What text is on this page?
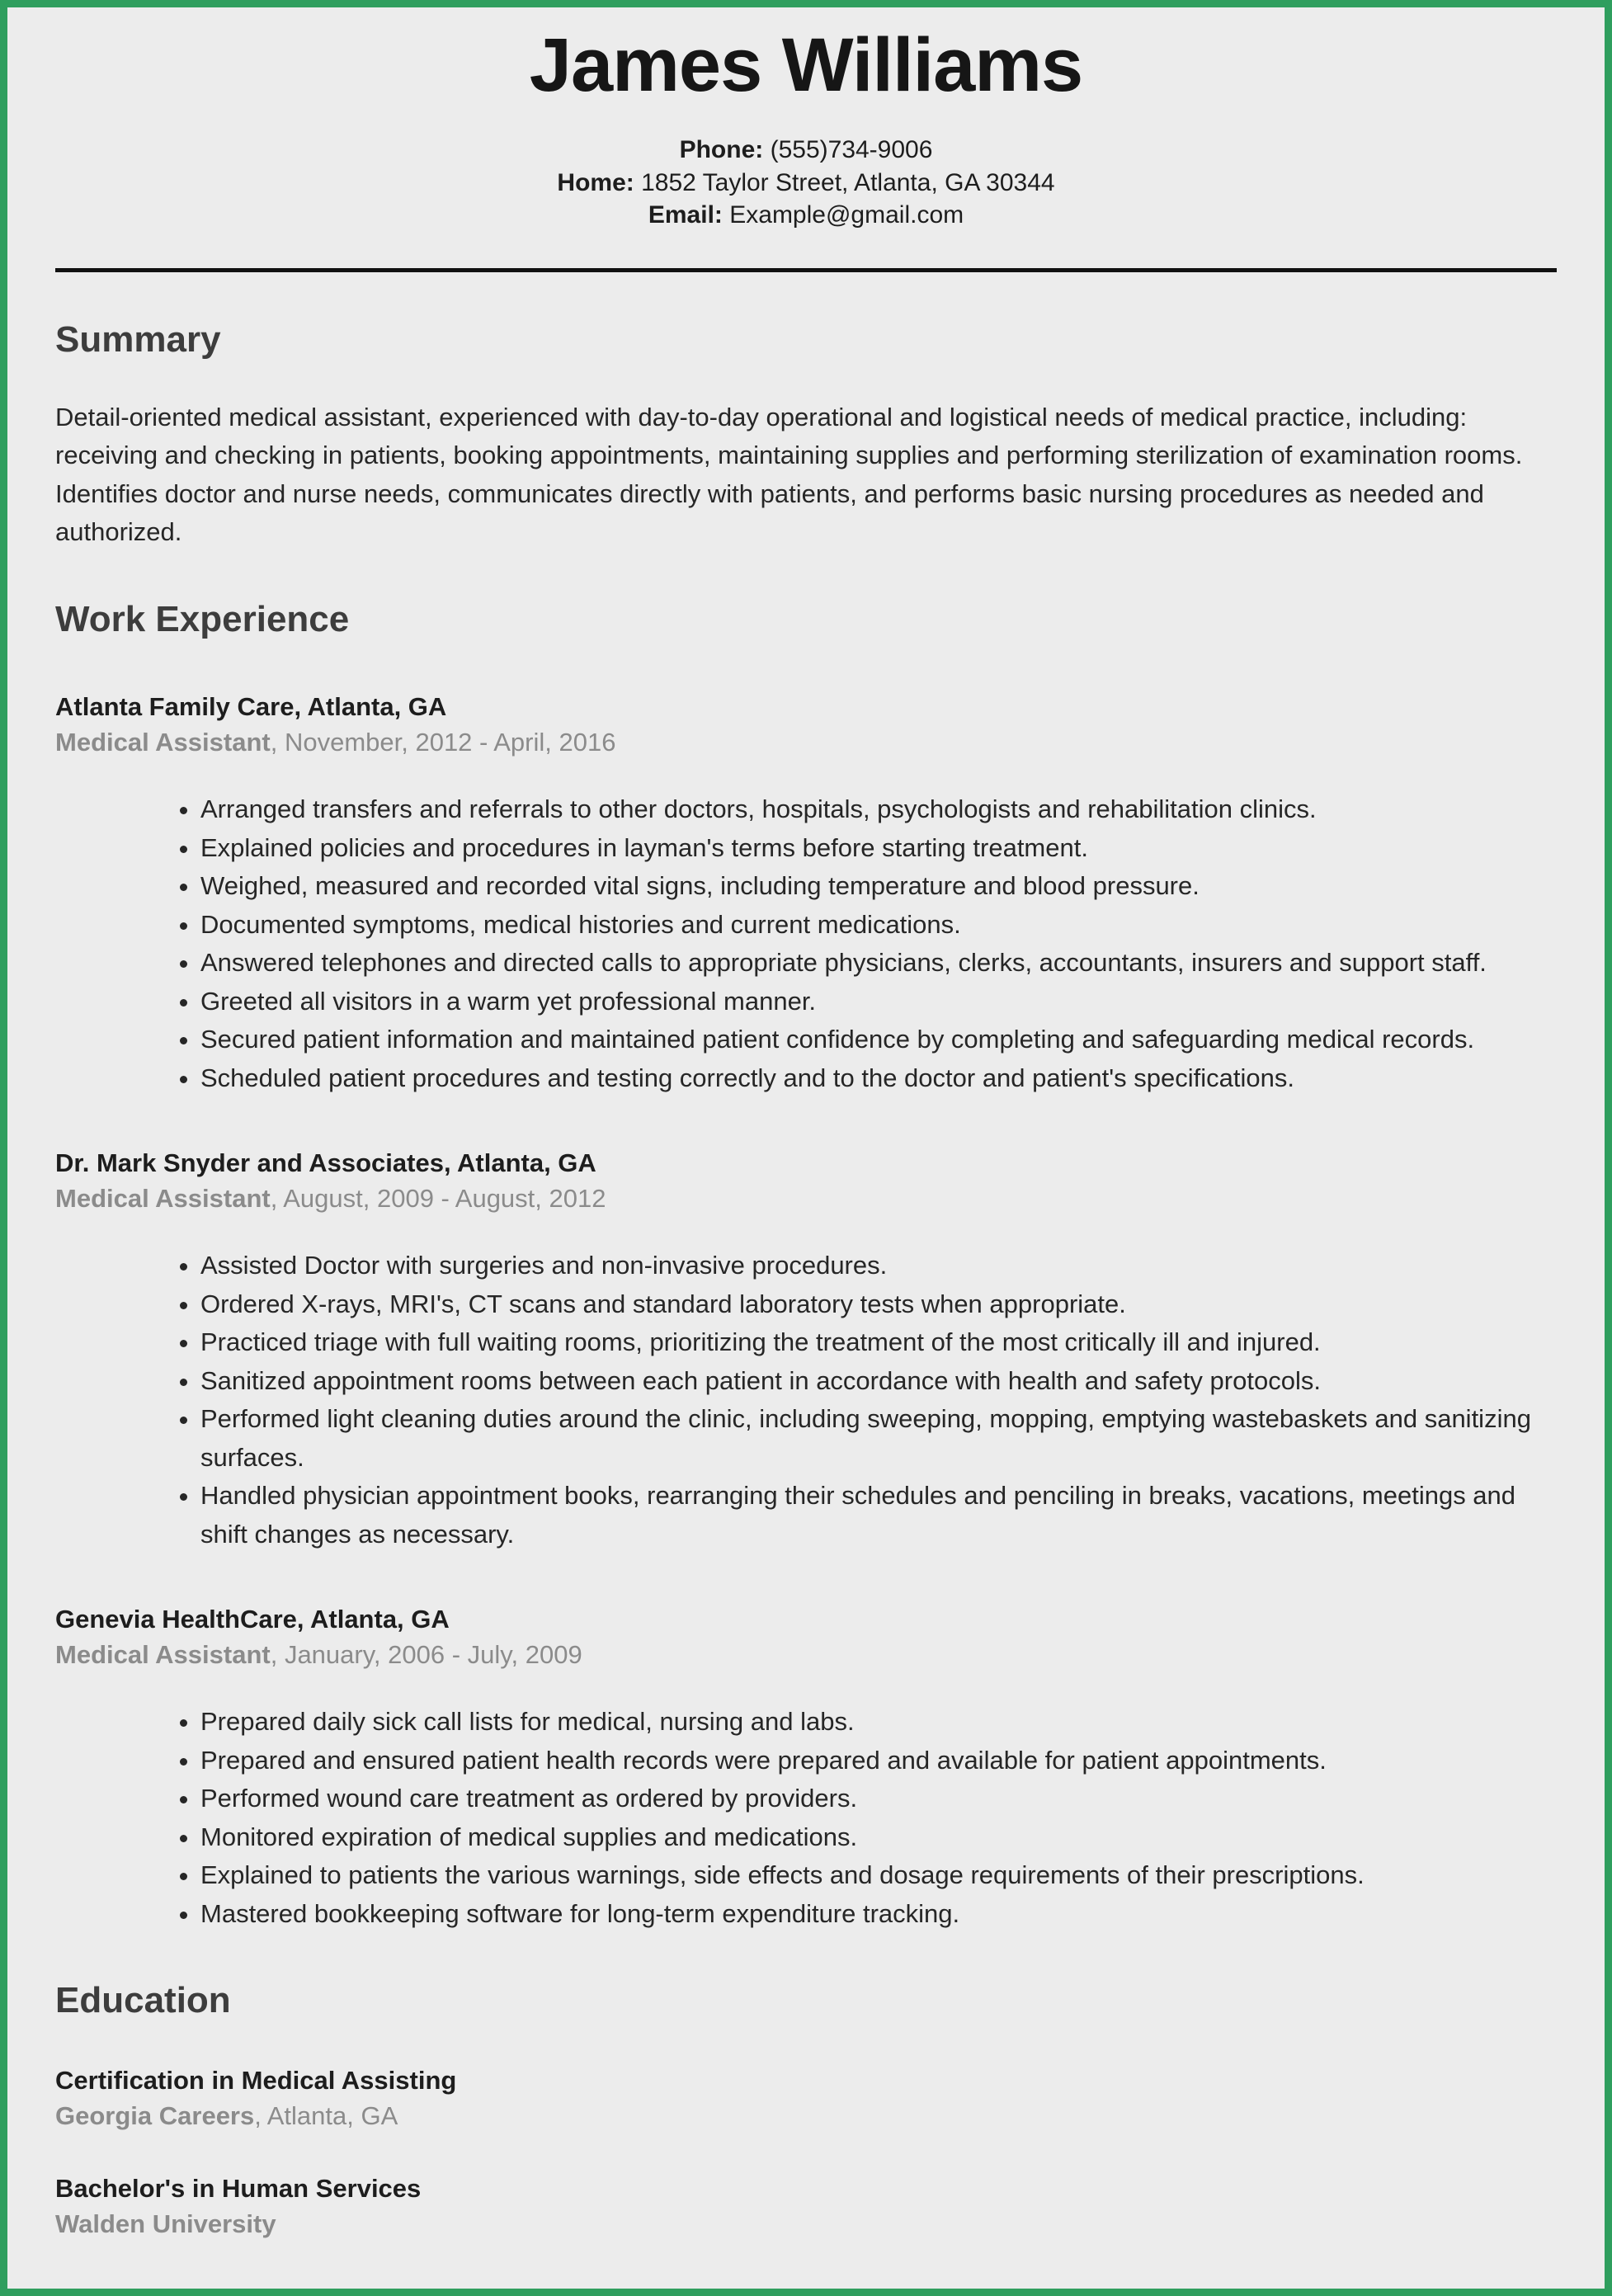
James Williams
Phone: (555)734-9006
Home: 1852 Taylor Street, Atlanta, GA 30344
Email: Example@gmail.com
Summary

Detail-oriented medical assistant, experienced with day-to-day operational and logistical needs of medical practice, including: receiving and checking in patients, booking appointments, maintaining supplies and performing sterilization of examination rooms. Identifies doctor and nurse needs, communicates directly with patients, and performs basic nursing procedures as needed and authorized.

Work Experience
Atlanta Family Care, Atlanta, GA
Medical Assistant, November, 2012 - April, 2016
• Arranged transfers and referrals to other doctors, hospitals, psychologists and rehabilitation clinics.
• Explained policies and procedures in layman's terms before starting treatment.
• Weighed, measured and recorded vital signs, including temperature and blood pressure.
• Documented symptoms, medical histories and current medications.
• Answered telephones and directed calls to appropriate physicians, clerks, accountants, insurers and support staff.
• Greeted all visitors in a warm yet professional manner.
• Secured patient information and maintained patient confidence by completing and safeguarding medical records.
• Scheduled patient procedures and testing correctly and to the doctor and patient's specifications.
Dr. Mark Snyder and Associates, Atlanta, GA
Medical Assistant, August, 2009 - August, 2012
• Assisted Doctor with surgeries and non-invasive procedures.
• Ordered X-rays, MRI's, CT scans and standard laboratory tests when appropriate.
• Practiced triage with full waiting rooms, prioritizing the treatment of the most critically ill and injured.
• Sanitized appointment rooms between each patient in accordance with health and safety protocols.
• Performed light cleaning duties around the clinic, including sweeping, mopping, emptying wastebaskets and sanitizing surfaces.
• Handled physician appointment books, rearranging their schedules and penciling in breaks, vacations, meetings and shift changes as necessary.
Genevia HealthCare, Atlanta, GA
Medical Assistant, January, 2006 - July, 2009
• Prepared daily sick call lists for medical, nursing and labs.
• Prepared and ensured patient health records were prepared and available for patient appointments.
• Performed wound care treatment as ordered by providers.
• Monitored expiration of medical supplies and medications.
• Explained to patients the various warnings, side effects and dosage requirements of their prescriptions.
• Mastered bookkeeping software for long-term expenditure tracking.
Education
Certification in Medical Assisting
Georgia Careers, Atlanta, GA
Bachelor's in Human Services
Walden University
